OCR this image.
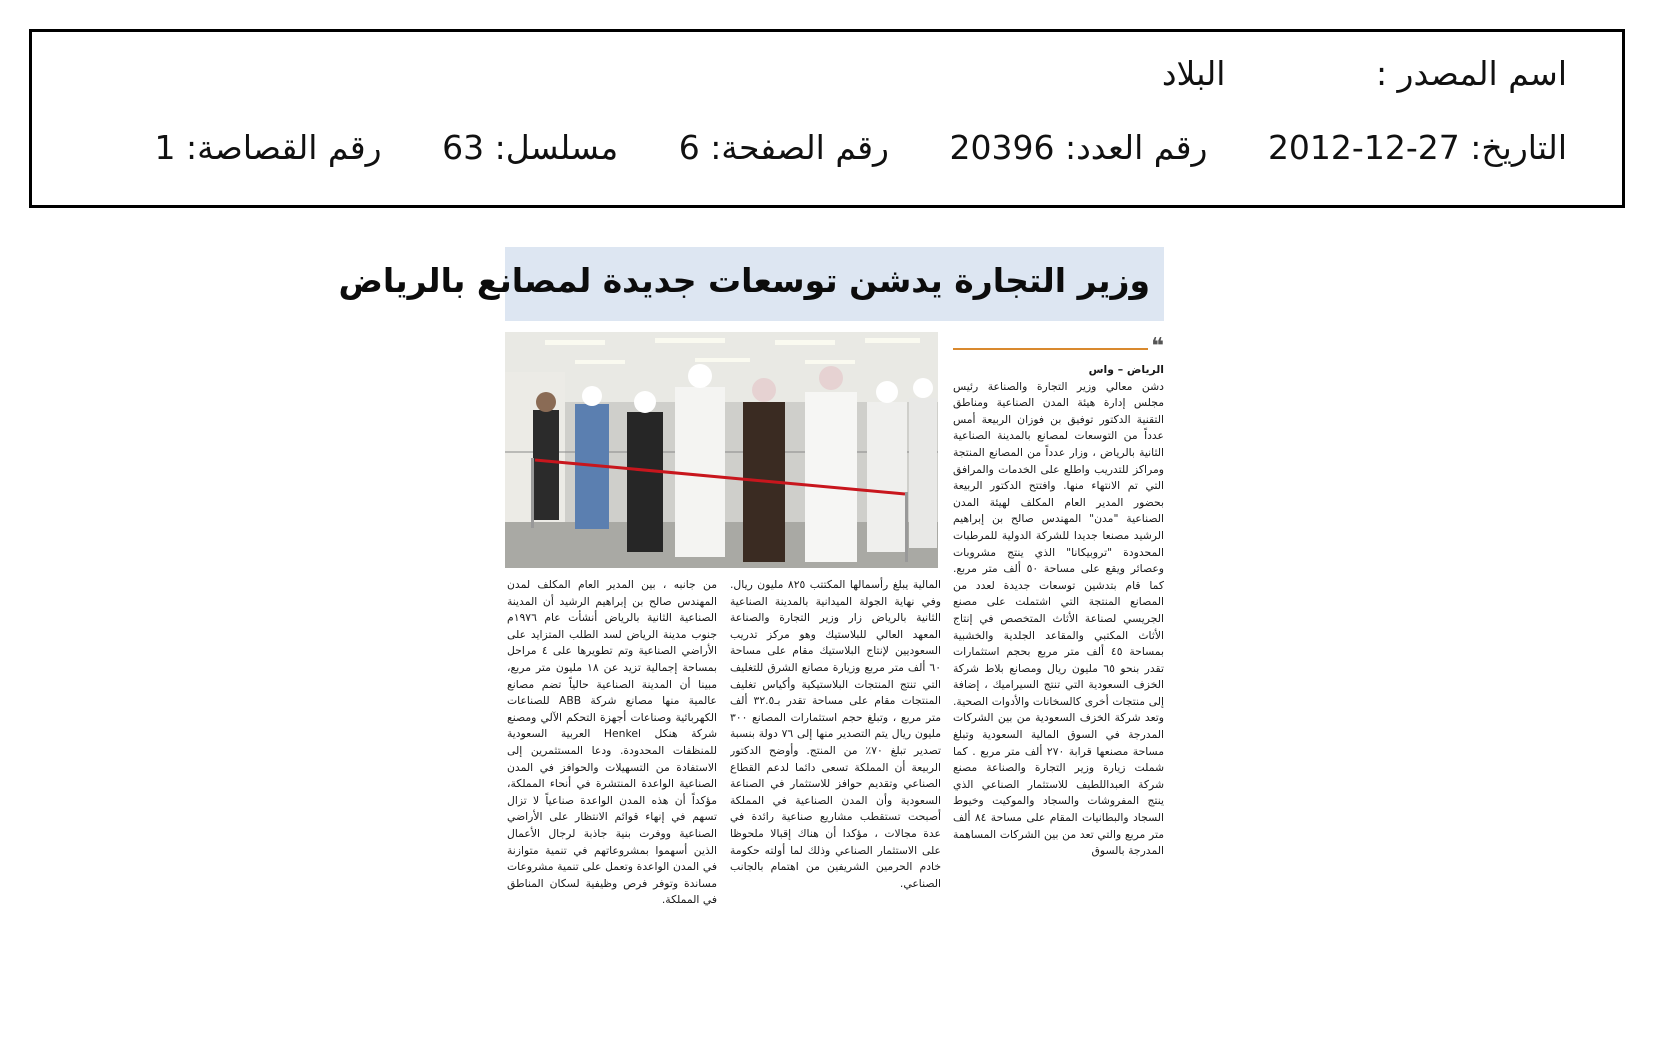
اسم المصدر : البلاد
التاريخ: 2012-12-27 رقم العدد: 20396 رقم الصفحة: 6 مسلسل: 63 رقم القصاصة: 1
وزير التجارة يدشن توسعات جديدة لمصانع بالرياض
❝

الرياض – واس

دشن معالي وزير التجارة والصناعة رئيس مجلس إدارة هيئة المدن الصناعية ومناطق التقنية الدكتور توفيق بن فوزان الربيعة أمس عدداً من التوسعات لمصانع بالمدينة الصناعية الثانية بالرياض ، وزار عدداً من المصانع المنتجة ومراكز للتدريب واطلع على الخدمات والمرافق التي تم الانتهاء منها. وافتتح الدكتور الربيعة بحضور المدير العام المكلف لهيئة المدن الصناعية "مدن" المهندس صالح بن إبراهيم الرشيد مصنعا جديدا للشركة الدولية للمرطبات المحدودة "تروبيكانا" الذي ينتج مشروبات وعصائر ويقع على مساحة ٥٠ ألف متر مربع. كما قام بتدشين توسعات جديدة لعدد من المصانع المنتجة التي اشتملت على مصنع الجريسي لصناعة الأثاث المتخصص في إنتاج الأثاث المكتبي والمقاعد الجلدية والخشبية بمساحة ٤٥ ألف متر مربع بحجم استثمارات تقدر بنحو ٦٥ مليون ريال ومصانع بلاط شركة الخزف السعودية التي تنتج السيراميك ، إضافة إلى منتجات أخرى كالسخانات والأدوات الصحية. وتعد شركة الخزف السعودية من بين الشركات المدرجة في السوق المالية السعودية وتبلغ مساحة مصنعها قرابة ٢٧٠ ألف متر مربع . كما شملت زيارة وزير التجارة والصناعة مصنع شركة العبداللطيف للاستثمار الصناعي الذي ينتج المفروشات والسجاد والموكيت وخيوط السجاد والبطانيات المقام على مساحة ٨٤ ألف متر مربع والتي تعد من بين الشركات المساهمة المدرجة بالسوق

المالية يبلغ رأسمالها المكتتب ٨٢٥ مليون ريال. وفي نهاية الجولة الميدانية بالمدينة الصناعية الثانية بالرياض زار وزير التجارة والصناعة المعهد العالي للبلاستيك وهو مركز تدريب السعوديين لإنتاج البلاستيك مقام على مساحة ٦٠ ألف متر مربع وزيارة مصانع الشرق للتغليف التي تنتج المنتجات البلاستيكية وأكياس تغليف المنتجات مقام على مساحة تقدر بـ٣٢.٥ ألف متر مربع ، وتبلغ حجم استثمارات المصانع ٣٠٠ مليون ريال يتم التصدير منها إلى ٧٦ دولة بنسبة تصدير تبلغ ٧٠٪ من المنتج. وأوضح الدكتور الربيعة أن المملكة تسعى دائما لدعم القطاع الصناعي وتقديم حوافز للاستثمار في الصناعة السعودية وأن المدن الصناعية في المملكة أصبحت تستقطب مشاريع صناعية رائدة في عدة مجالات ، مؤكدا أن هناك إقبالا ملحوظا على الاستثمار الصناعي وذلك لما أولته حكومة خادم الحرمين الشريفين من اهتمام بالجانب الصناعي.

من جانبه ، بين المدير العام المكلف لمدن المهندس صالح بن إبراهيم الرشيد أن المدينة الصناعية الثانية بالرياض أنشأت عام ١٩٧٦م جنوب مدينة الرياض لسد الطلب المتزايد على الأراضي الصناعية وتم تطويرها على ٤ مراحل بمساحة إجمالية تزيد عن ١٨ مليون متر مربع، مبينا أن المدينة الصناعية حالياً تضم مصانع عالمية منها مصانع شركة ABB للصناعات الكهربائية وصناعات أجهزة التحكم الآلي ومصنع شركة هنكل Henkel العربية السعودية للمنظفات المحدودة. ودعا المستثمرين إلى الاستفادة من التسهيلات والحوافز في المدن الصناعية الواعدة المنتشرة في أنحاء المملكة، مؤكداً أن هذه المدن الواعدة صناعياً لا تزال تسهم في إنهاء قوائم الانتظار على الأراضي الصناعية ووفرت بنية جاذبة لرجال الأعمال الذين أسهموا بمشروعاتهم في تنمية متوازنة في المدن الواعدة وتعمل على تنمية مشروعات مساندة وتوفر فرص وظيفية لسكان المناطق في المملكة.
